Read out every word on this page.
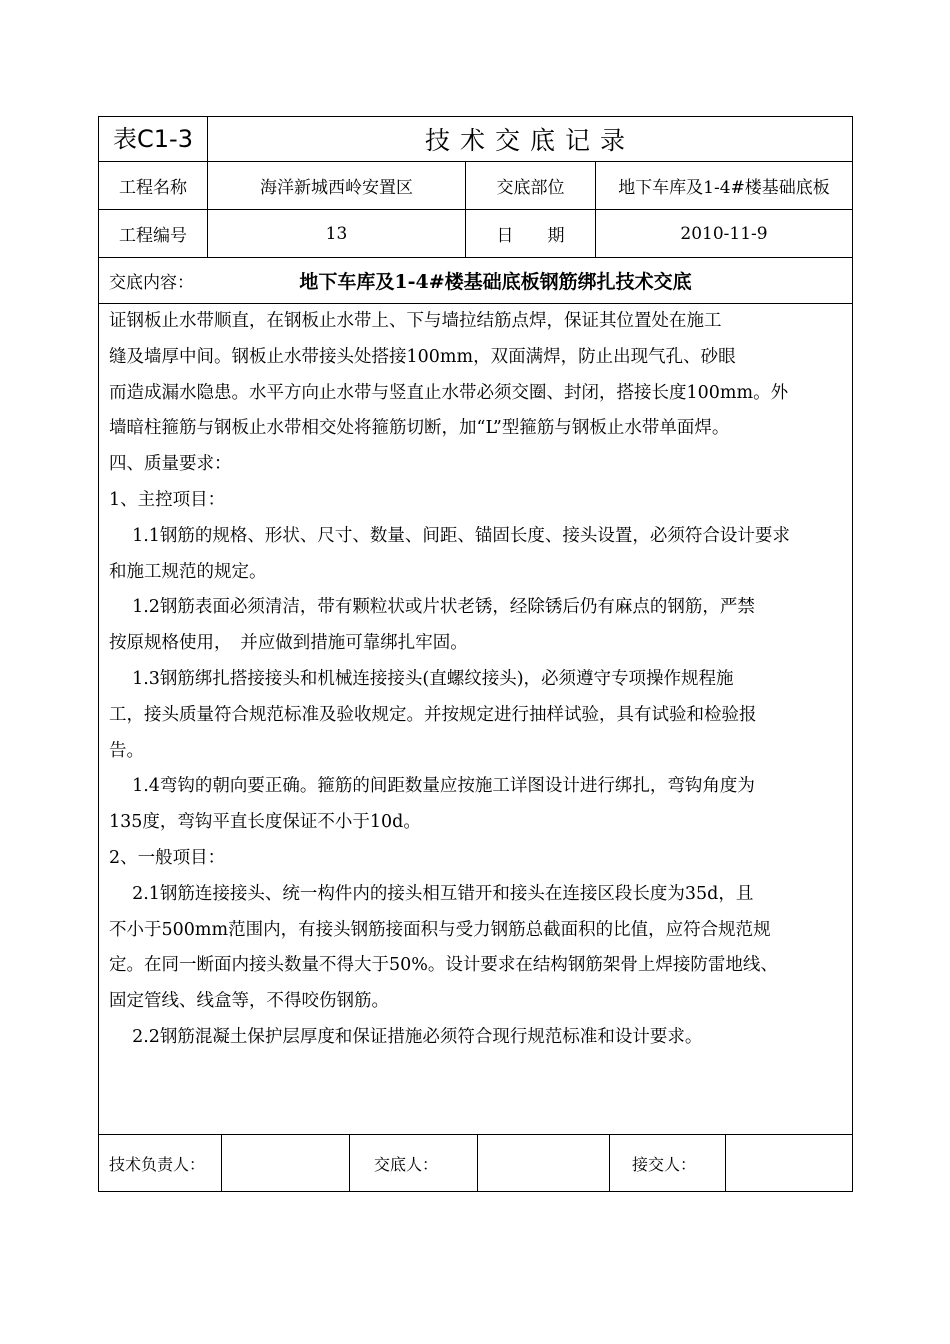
表C1-3	技术交底记录
工程名称	海洋新城西岭安置区	交底部位	地下车库及1-4#楼基础底板
工程编号	13	日　　期	2010-11-9
交底内容：	地下车库及1-4#楼基础底板钢筋绑扎技术交底
证钢板止水带顺直，在钢板止水带上、下与墙拉结筋点焊，保证其位置处在施工
缝及墙厚中间。钢板止水带接头处搭接100mm，双面满焊，防止出现气孔、砂眼
而造成漏水隐患。水平方向止水带与竖直止水带必须交圈、封闭，搭接长度100mm。外
墙暗柱箍筋与钢板止水带相交处将箍筋切断，加“L”型箍筋与钢板止水带单面焊。
四、质量要求：
1、主控项目：
　 1.1钢筋的规格、形状、尺寸、数量、间距、锚固长度、接头设置，必须符合设计要求
和施工规范的规定。
　 1.2钢筋表面必须清洁，带有颗粒状或片状老锈，经除锈后仍有麻点的钢筋，严禁
按原规格使用，　并应做到措施可靠绑扎牢固。
　 1.3钢筋绑扎搭接接头和机械连接接头(直螺纹接头)，必须遵守专项操作规程施
工，接头质量符合规范标准及验收规定。并按规定进行抽样试验，具有试验和检验报
告。
　 1.4弯钩的朝向要正确。箍筋的间距数量应按施工详图设计进行绑扎，弯钩角度为
135度，弯钩平直长度保证不小于10d。
2、一般项目：
　 2.1钢筋连接接头、统一构件内的接头相互错开和接头在连接区段长度为35d，且
不小于500mm范围内，有接头钢筋接面积与受力钢筋总截面积的比值，应符合规范规
定。在同一断面内接头数量不得大于50%。设计要求在结构钢筋架骨上焊接防雷地线、
固定管线、线盒等，不得咬伤钢筋。
　 2.2钢筋混凝土保护层厚度和保证措施必须符合现行规范标准和设计要求。
技术负责人：	交底人：	接交人：
